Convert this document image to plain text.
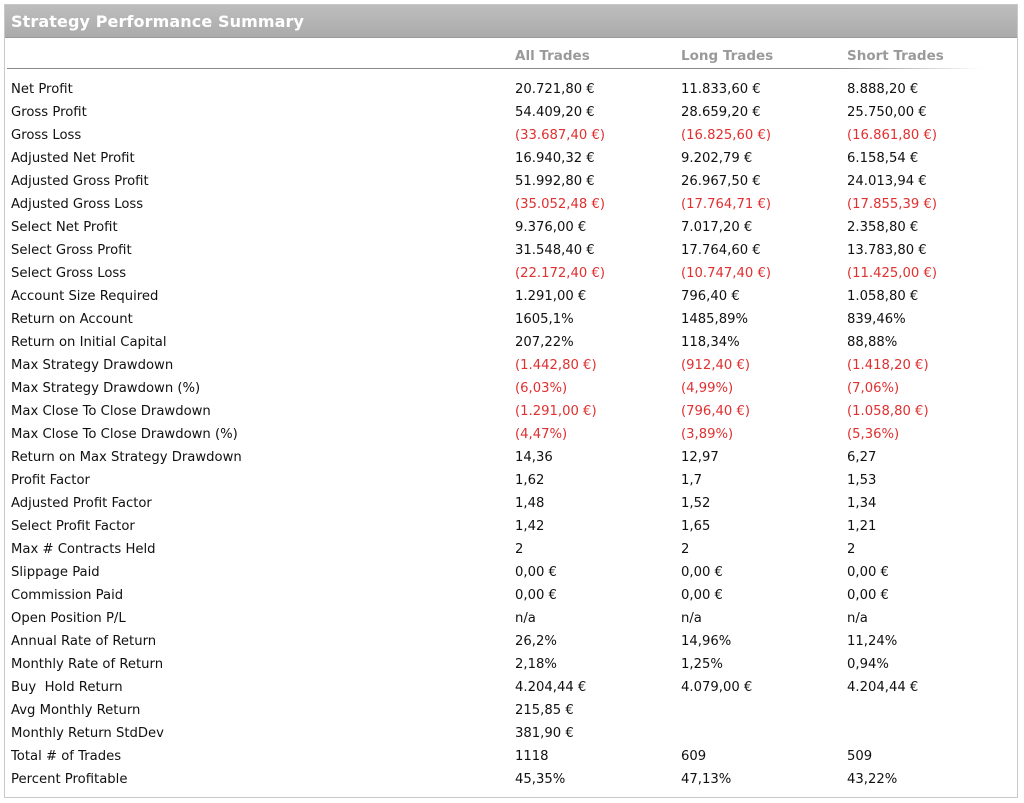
Strategy Performance Summary
All Trades	Long Trades	Short Trades
Net Profit	20.721,80 €	11.833,60 €	8.888,20 €
Gross Profit	54.409,20 €	28.659,20 €	25.750,00 €
Gross Loss	(33.687,40 €)	(16.825,60 €)	(16.861,80 €)
Adjusted Net Profit	16.940,32 €	9.202,79 €	6.158,54 €
Adjusted Gross Profit	51.992,80 €	26.967,50 €	24.013,94 €
Adjusted Gross Loss	(35.052,48 €)	(17.764,71 €)	(17.855,39 €)
Select Net Profit	9.376,00 €	7.017,20 €	2.358,80 €
Select Gross Profit	31.548,40 €	17.764,60 €	13.783,80 €
Select Gross Loss	(22.172,40 €)	(10.747,40 €)	(11.425,00 €)
Account Size Required	1.291,00 €	796,40 €	1.058,80 €
Return on Account	1605,1%	1485,89%	839,46%
Return on Initial Capital	207,22%	118,34%	88,88%
Max Strategy Drawdown	(1.442,80 €)	(912,40 €)	(1.418,20 €)
Max Strategy Drawdown (%)	(6,03%)	(4,99%)	(7,06%)
Max Close To Close Drawdown	(1.291,00 €)	(796,40 €)	(1.058,80 €)
Max Close To Close Drawdown (%)	(4,47%)	(3,89%)	(5,36%)
Return on Max Strategy Drawdown	14,36	12,97	6,27
Profit Factor	1,62	1,7	1,53
Adjusted Profit Factor	1,48	1,52	1,34
Select Profit Factor	1,42	1,65	1,21
Max # Contracts Held	2	2	2
Slippage Paid	0,00 €	0,00 €	0,00 €
Commission Paid	0,00 €	0,00 €	0,00 €
Open Position P/L	n/a	n/a	n/a
Annual Rate of Return	26,2%	14,96%	11,24%
Monthly Rate of Return	2,18%	1,25%	0,94%
Buy  Hold Return	4.204,44 €	4.079,00 €	4.204,44 €
Avg Monthly Return	215,85 €
Monthly Return StdDev	381,90 €
Total # of Trades	1118	609	509
Percent Profitable	45,35%	47,13%	43,22%
